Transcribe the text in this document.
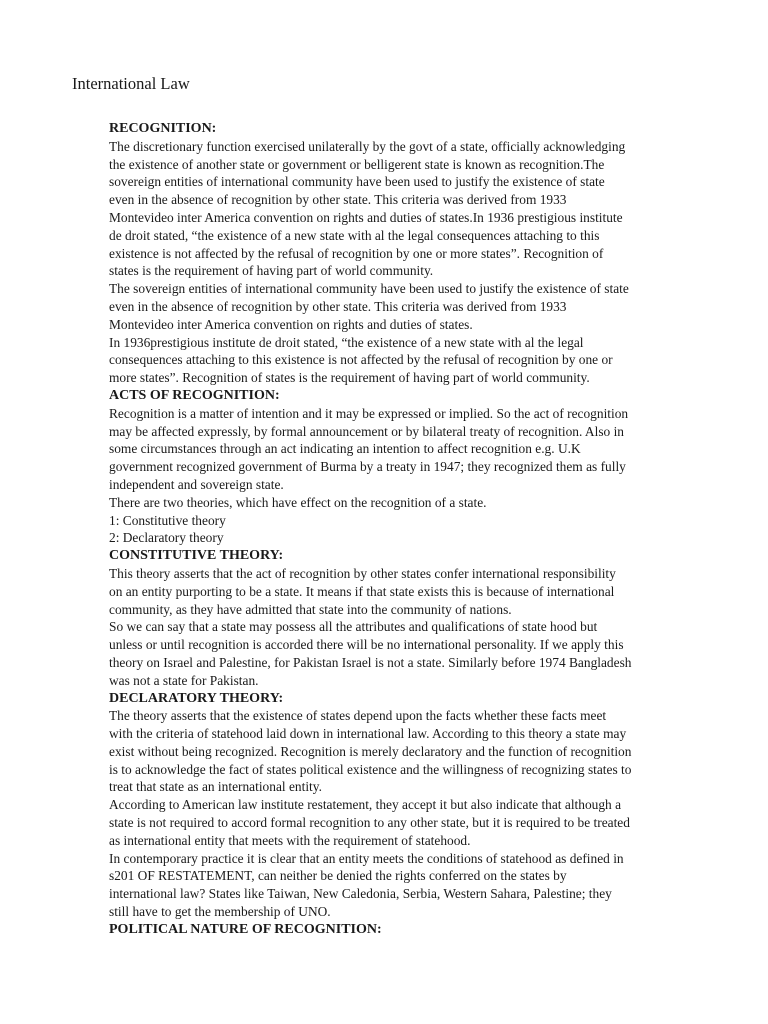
International Law
RECOGNITION:
The discretionary function exercised unilaterally by the govt of a state, officially acknowledging
the existence of another state or government or belligerent state is known as recognition.The
sovereign entities of international community have been used to justify the existence of state
even in the absence of recognition by other state. This criteria was derived from 1933
Montevideo inter America convention on rights and duties of states.In 1936 prestigious institute
de droit stated, “the existence of a new state with al the legal consequences attaching to this
existence is not affected by the refusal of recognition by one or more states”. Recognition of
states is the requirement of having part of world community.
The sovereign entities of international community have been used to justify the existence of state
even in the absence of recognition by other state. This criteria was derived from 1933
Montevideo inter America convention on rights and duties of states.
In 1936prestigious institute de droit stated, “the existence of a new state with al the legal
consequences attaching to this existence is not affected by the refusal of recognition by one or
more states”. Recognition of states is the requirement of having part of world community.
ACTS OF RECOGNITION:
Recognition is a matter of intention and it may be expressed or implied. So the act of recognition
may be affected expressly, by formal announcement or by bilateral treaty of recognition. Also in
some circumstances through an act indicating an intention to affect recognition e.g. U.K
government recognized government of Burma by a treaty in 1947; they recognized them as fully
independent and sovereign state.
There are two theories, which have effect on the recognition of a state.
1: Constitutive theory
2: Declaratory theory
CONSTITUTIVE THEORY:
This theory asserts that the act of recognition by other states confer international responsibility
on an entity purporting to be a state. It means if that state exists this is because of international
community, as they have admitted that state into the community of nations.
So we can say that a state may possess all the attributes and qualifications of state hood but
unless or until recognition is accorded there will be no international personality. If we apply this
theory on Israel and Palestine, for Pakistan Israel is not a state. Similarly before 1974 Bangladesh
was not a state for Pakistan.
DECLARATORY THEORY:
The theory asserts that the existence of states depend upon the facts whether these facts meet
with the criteria of statehood laid down in international law. According to this theory a state may
exist without being recognized. Recognition is merely declaratory and the function of recognition
is to acknowledge the fact of states political existence and the willingness of recognizing states to
treat that state as an international entity.
According to American law institute restatement, they accept it but also indicate that although a
state is not required to accord formal recognition to any other state, but it is required to be treated
as international entity that meets with the requirement of statehood.
In contemporary practice it is clear that an entity meets the conditions of statehood as defined in
s201 OF RESTATEMENT, can neither be denied the rights conferred on the states by
international law? States like Taiwan, New Caledonia, Serbia, Western Sahara, Palestine; they
still have to get the membership of UNO.
POLITICAL NATURE OF RECOGNITION:
